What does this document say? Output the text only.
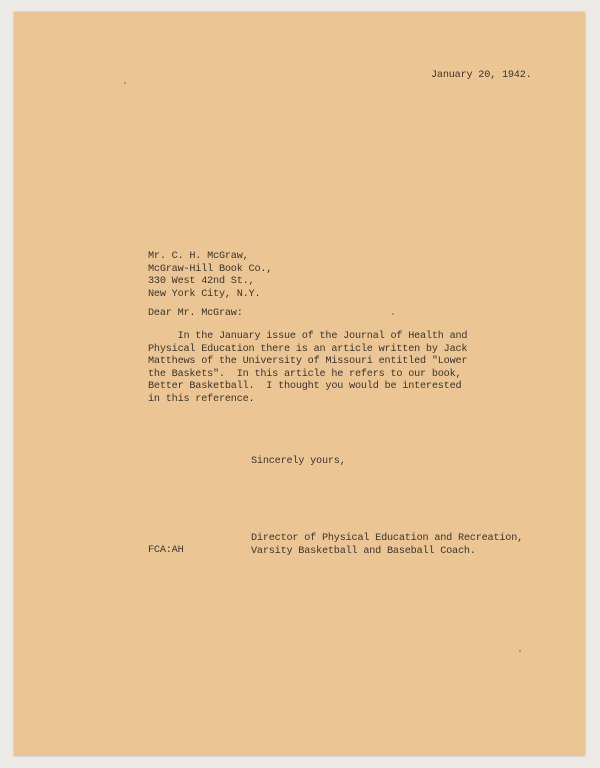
January 20, 1942.
Mr. C. H. McGraw,
McGraw-Hill Book Co.,
330 West 42nd St.,
New York City, N.Y.
Dear Mr. McGraw:
In the January issue of the Journal of Health and
Physical Education there is an article written by Jack
Matthews of the University of Missouri entitled "Lower
the Baskets".  In this article he refers to our book,
Better Basketball.  I thought you would be interested
in this reference.
Sincerely yours,
Director of Physical Education and Recreation,
Varsity Basketball and Baseball Coach.
FCA:AH
